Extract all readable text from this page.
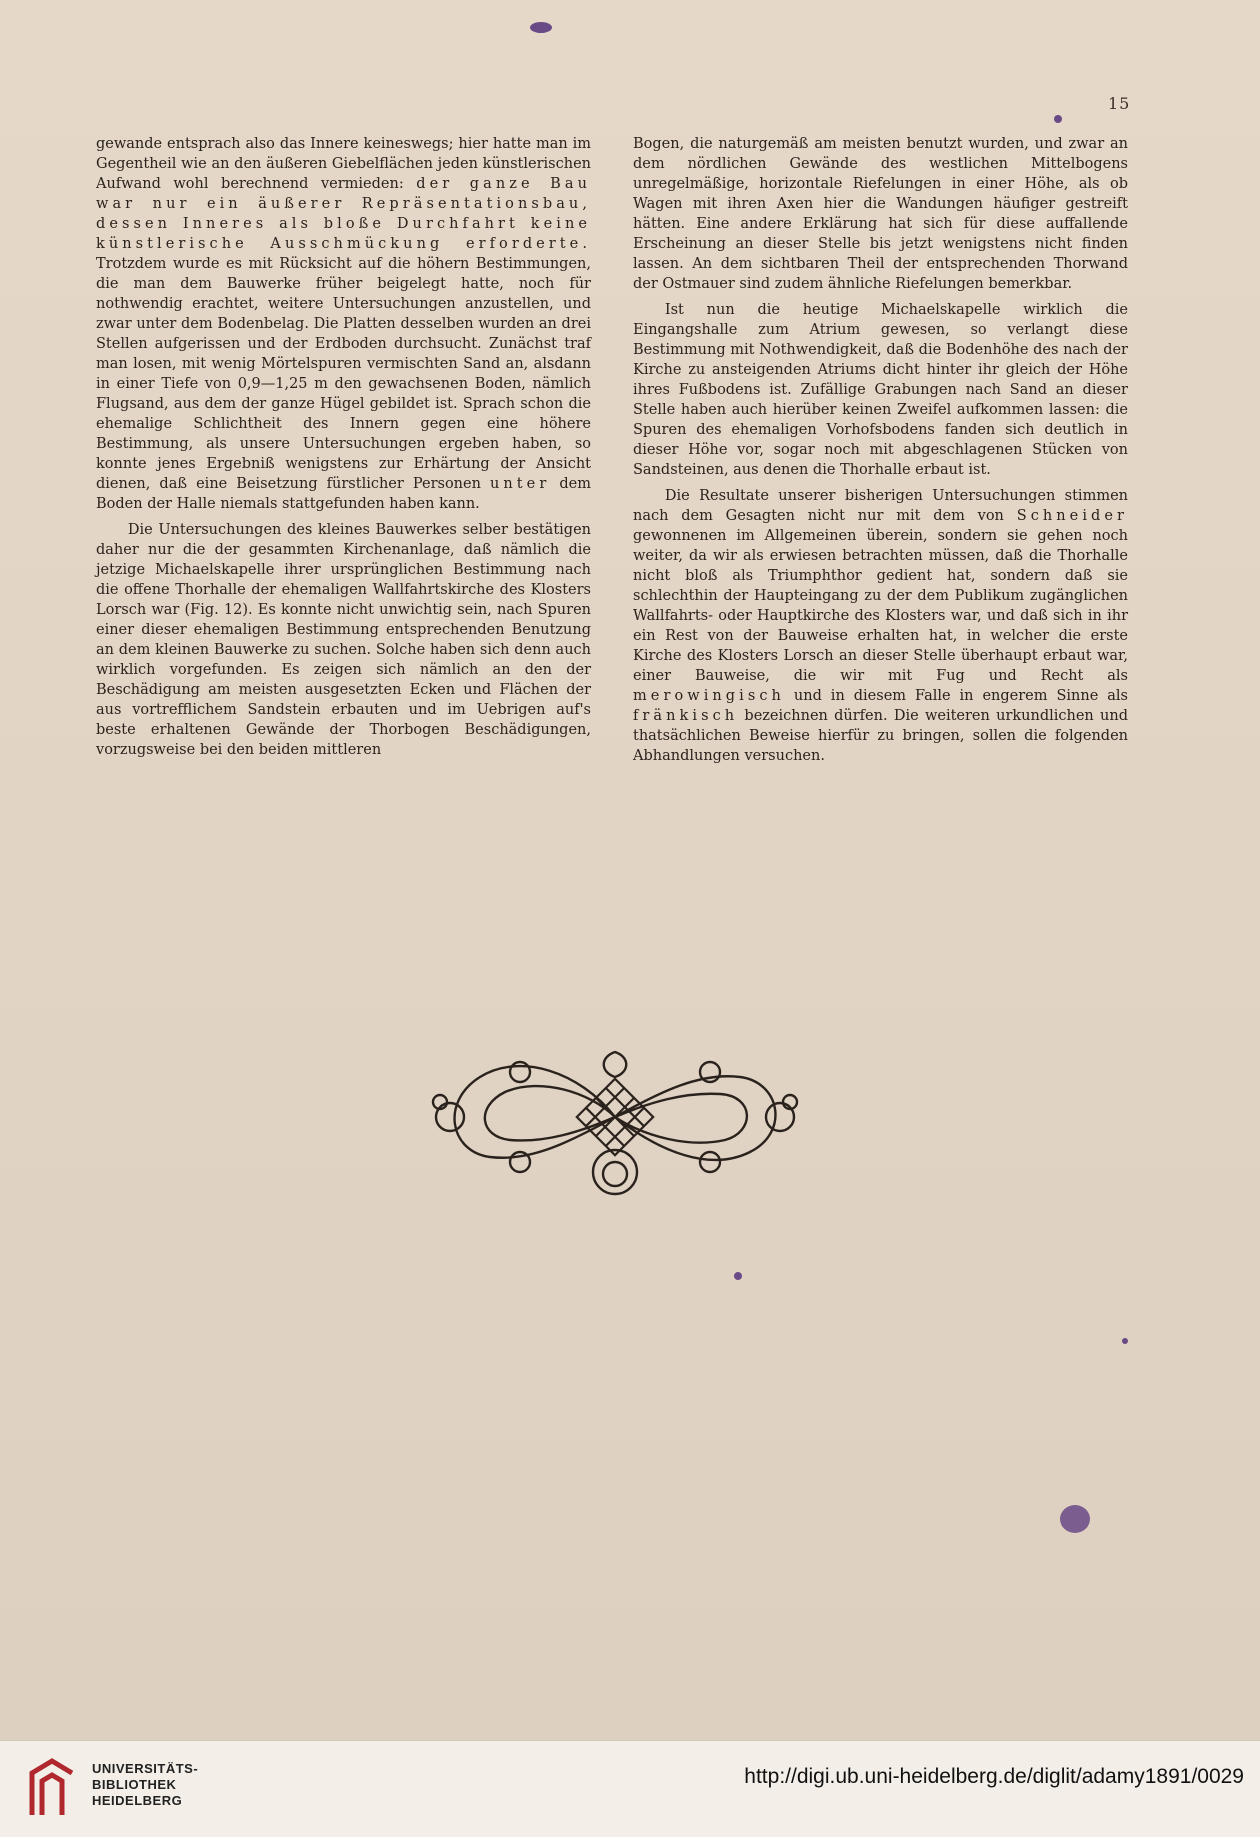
15

gewande entsprach also das Innere keineswegs; hier hatte man im Gegentheil wie an den äußeren Giebelflächen jeden künstlerischen Aufwand wohl berechnend vermieden: der ganze Bau war nur ein äußerer Repräsentationsbau, dessen Inneres als bloße Durchfahrt keine künstlerische Ausschmückung erforderte. Trotzdem wurde es mit Rücksicht auf die höhern Bestimmungen, die man dem Bauwerke früher beigelegt hatte, noch für nothwendig erachtet, weitere Untersuchungen anzustellen, und zwar unter dem Bodenbelag. Die Platten desselben wurden an drei Stellen aufgerissen und der Erdboden durchsucht. Zunächst traf man losen, mit wenig Mörtelspuren vermischten Sand an, alsdann in einer Tiefe von 0,9—1,25 m den gewachsenen Boden, nämlich Flugsand, aus dem der ganze Hügel gebildet ist. Sprach schon die ehemalige Schlichtheit des Innern gegen eine höhere Bestimmung, als unsere Untersuchungen ergeben haben, so konnte jenes Ergebniß wenigstens zur Erhärtung der Ansicht dienen, daß eine Beisetzung fürstlicher Personen unter dem Boden der Halle niemals stattgefunden haben kann.

Die Untersuchungen des kleines Bauwerkes selber bestätigen daher nur die der gesammten Kirchenanlage, daß nämlich die jetzige Michaelskapelle ihrer ursprünglichen Bestimmung nach die offene Thorhalle der ehemaligen Wallfahrtskirche des Klosters Lorsch war (Fig. 12). Es konnte nicht unwichtig sein, nach Spuren einer dieser ehemaligen Bestimmung entsprechenden Benutzung an dem kleinen Bauwerke zu suchen. Solche haben sich denn auch wirklich vorgefunden. Es zeigen sich nämlich an den der Beschädigung am meisten ausgesetzten Ecken und Flächen der aus vortrefflichem Sandstein erbauten und im Uebrigen auf's beste erhaltenen Gewände der Thorbogen Beschädigungen, vorzugsweise bei den beiden mittleren

Bogen, die naturgemäß am meisten benutzt wurden, und zwar an dem nördlichen Gewände des westlichen Mittelbogens unregelmäßige, horizontale Riefelungen in einer Höhe, als ob Wagen mit ihren Axen hier die Wandungen häufiger gestreift hätten. Eine andere Erklärung hat sich für diese auffallende Erscheinung an dieser Stelle bis jetzt wenigstens nicht finden lassen. An dem sichtbaren Theil der entsprechenden Thorwand der Ostmauer sind zudem ähnliche Riefelungen bemerkbar.

Ist nun die heutige Michaelskapelle wirklich die Eingangshalle zum Atrium gewesen, so verlangt diese Bestimmung mit Nothwendigkeit, daß die Bodenhöhe des nach der Kirche zu ansteigenden Atriums dicht hinter ihr gleich der Höhe ihres Fußbodens ist. Zufällige Grabungen nach Sand an dieser Stelle haben auch hierüber keinen Zweifel aufkommen lassen: die Spuren des ehemaligen Vorhofsbodens fanden sich deutlich in dieser Höhe vor, sogar noch mit abgeschlagenen Stücken von Sandsteinen, aus denen die Thorhalle erbaut ist.

Die Resultate unserer bisherigen Untersuchungen stimmen nach dem Gesagten nicht nur mit dem von Schneider gewonnenen im Allgemeinen überein, sondern sie gehen noch weiter, da wir als erwiesen betrachten müssen, daß die Thorhalle nicht bloß als Triumphthor gedient hat, sondern daß sie schlechthin der Haupteingang zu der dem Publikum zugänglichen Wallfahrts- oder Hauptkirche des Klosters war, und daß sich in ihr ein Rest von der Bauweise erhalten hat, in welcher die erste Kirche des Klosters Lorsch an dieser Stelle überhaupt erbaut war, einer Bauweise, die wir mit Fug und Recht als merowingisch und in diesem Falle in engerem Sinne als fränkisch bezeichnen dürfen. Die weiteren urkundlichen und thatsächlichen Beweise hierfür zu bringen, sollen die folgenden Abhandlungen versuchen.

UNIVERSITÄTS-
BIBLIOTHEK
HEIDELBERG
http://digi.ub.uni-heidelberg.de/diglit/adamy1891/0029
